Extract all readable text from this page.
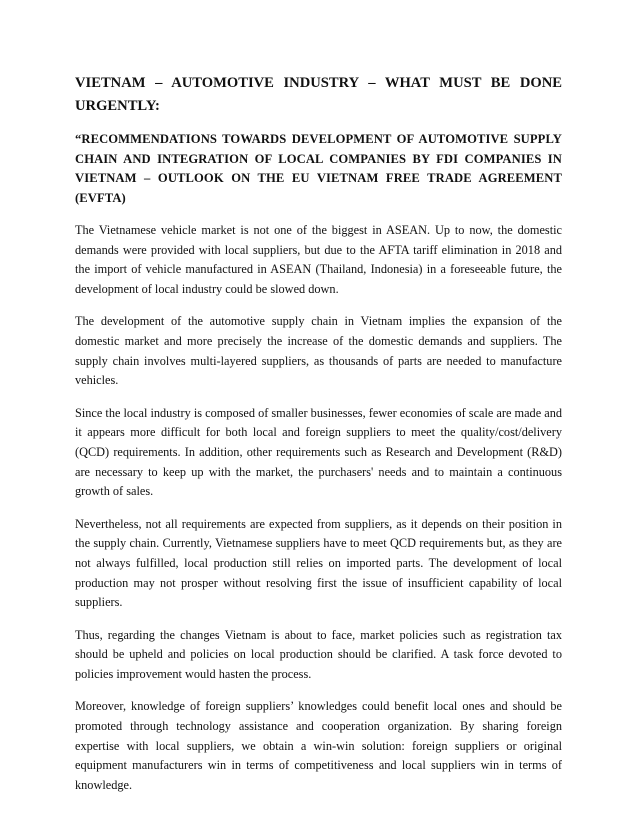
VIETNAM – AUTOMOTIVE INDUSTRY – WHAT MUST BE DONE URGENTLY:
“RECOMMENDATIONS TOWARDS DEVELOPMENT OF AUTOMOTIVE SUPPLY CHAIN AND INTEGRATION OF LOCAL COMPANIES BY FDI COMPANIES IN VIETNAM – OUTLOOK ON THE EU VIETNAM FREE TRADE AGREEMENT (EVFTA)

The Vietnamese vehicle market is not one of the biggest in ASEAN. Up to now, the domestic demands were provided with local suppliers, but due to the AFTA tariff elimination in 2018 and the import of vehicle manufactured in ASEAN (Thailand, Indonesia) in a foreseeable future, the development of local industry could be slowed down.

The development of the automotive supply chain in Vietnam implies the expansion of the domestic market and more precisely the increase of the domestic demands and suppliers. The supply chain involves multi-layered suppliers, as thousands of parts are needed to manufacture vehicles.

Since the local industry is composed of smaller businesses, fewer economies of scale are made and it appears more difficult for both local and foreign suppliers to meet the quality/cost/delivery (QCD) requirements. In addition, other requirements such as Research and Development (R&D) are necessary to keep up with the market, the purchasers' needs and to maintain a continuous growth of sales.

Nevertheless, not all requirements are expected from suppliers, as it depends on their position in the supply chain. Currently, Vietnamese suppliers have to meet QCD requirements but, as they are not always fulfilled, local production still relies on imported parts. The development of local production may not prosper without resolving first the issue of insufficient capability of local suppliers.

Thus, regarding the changes Vietnam is about to face, market policies such as registration tax should be upheld and policies on local production should be clarified. A task force devoted to policies improvement would hasten the process.

Moreover, knowledge of foreign suppliers’ knowledges could benefit local ones and should be promoted through technology assistance and cooperation organization. By sharing foreign expertise with local suppliers, we obtain a win-win solution: foreign suppliers or original equipment manufacturers win in terms of competitiveness and local suppliers win in terms of knowledge.
